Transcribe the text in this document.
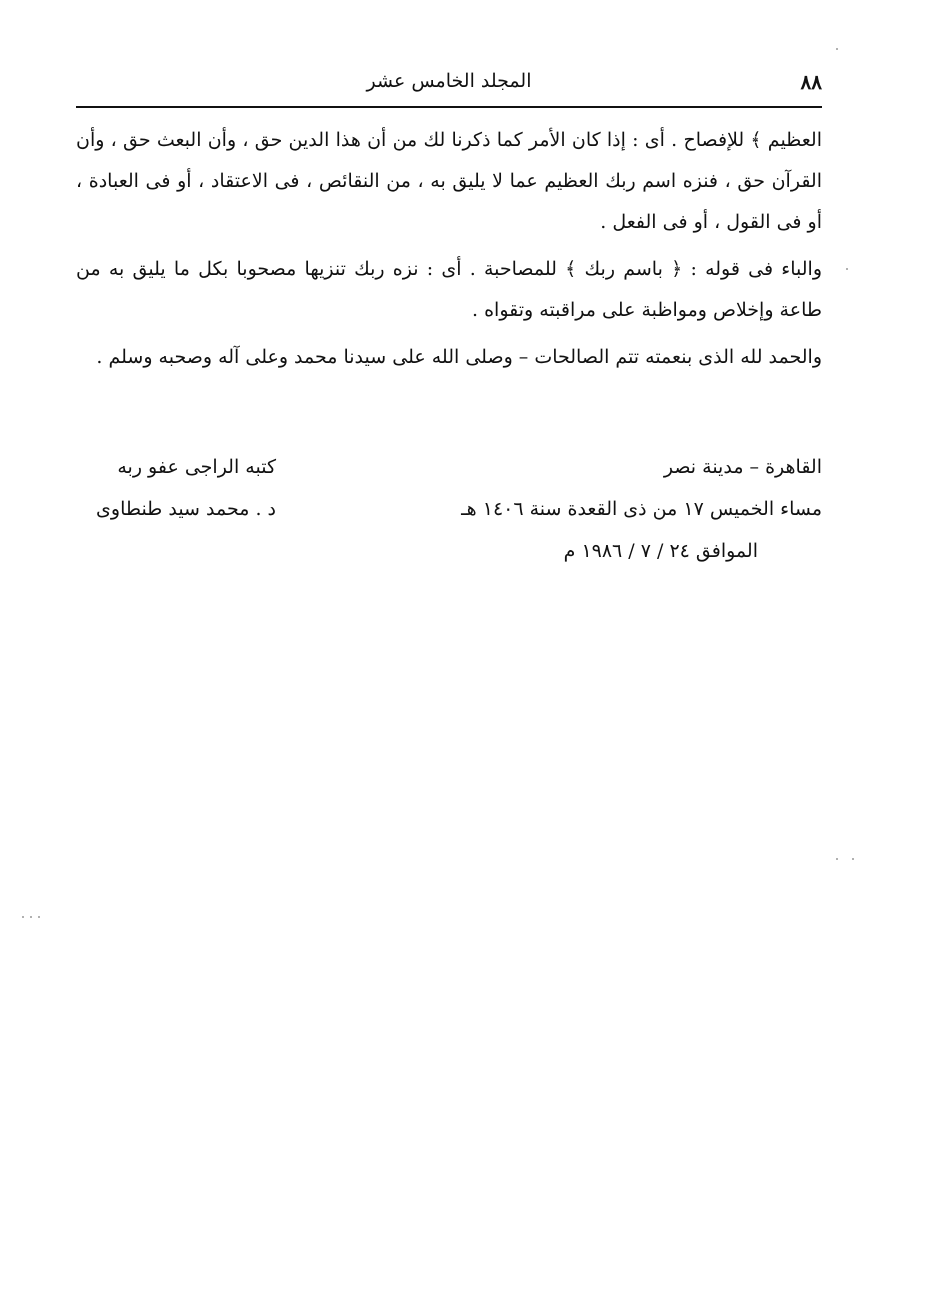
٨٨
المجلد الخامس عشر

العظيم ﴾ للإفصاح . أى : إذا كان الأمر كما ذكرنا لك من أن هذا الدين حق ، وأن البعث حق ، وأن القرآن حق ، فنزه اسم ربك العظيم عما لا يليق به ، من النقائص ، فى الاعتقاد ، أو فى العبادة ، أو فى القول ، أو فى الفعل .

والباء فى قوله : ﴿ باسم ربك ﴾ للمصاحبة . أى : نزه ربك تنزيها مصحوبا بكل ما يليق به من طاعة وإخلاص ومواظبة على مراقبته وتقواه .

والحمد لله الذى بنعمته تتم الصالحات – وصلى الله على سيدنا محمد وعلى آله وصحبه وسلم .

القاهرة – مدينة نصر
مساء الخميس ١٧ من ذى القعدة سنة ١٤٠٦ هـ
الموافق ٢٤ / ٧ / ١٩٨٦ م
كتبه الراجى عفو ربه
د . محمد سيد طنطاوى
